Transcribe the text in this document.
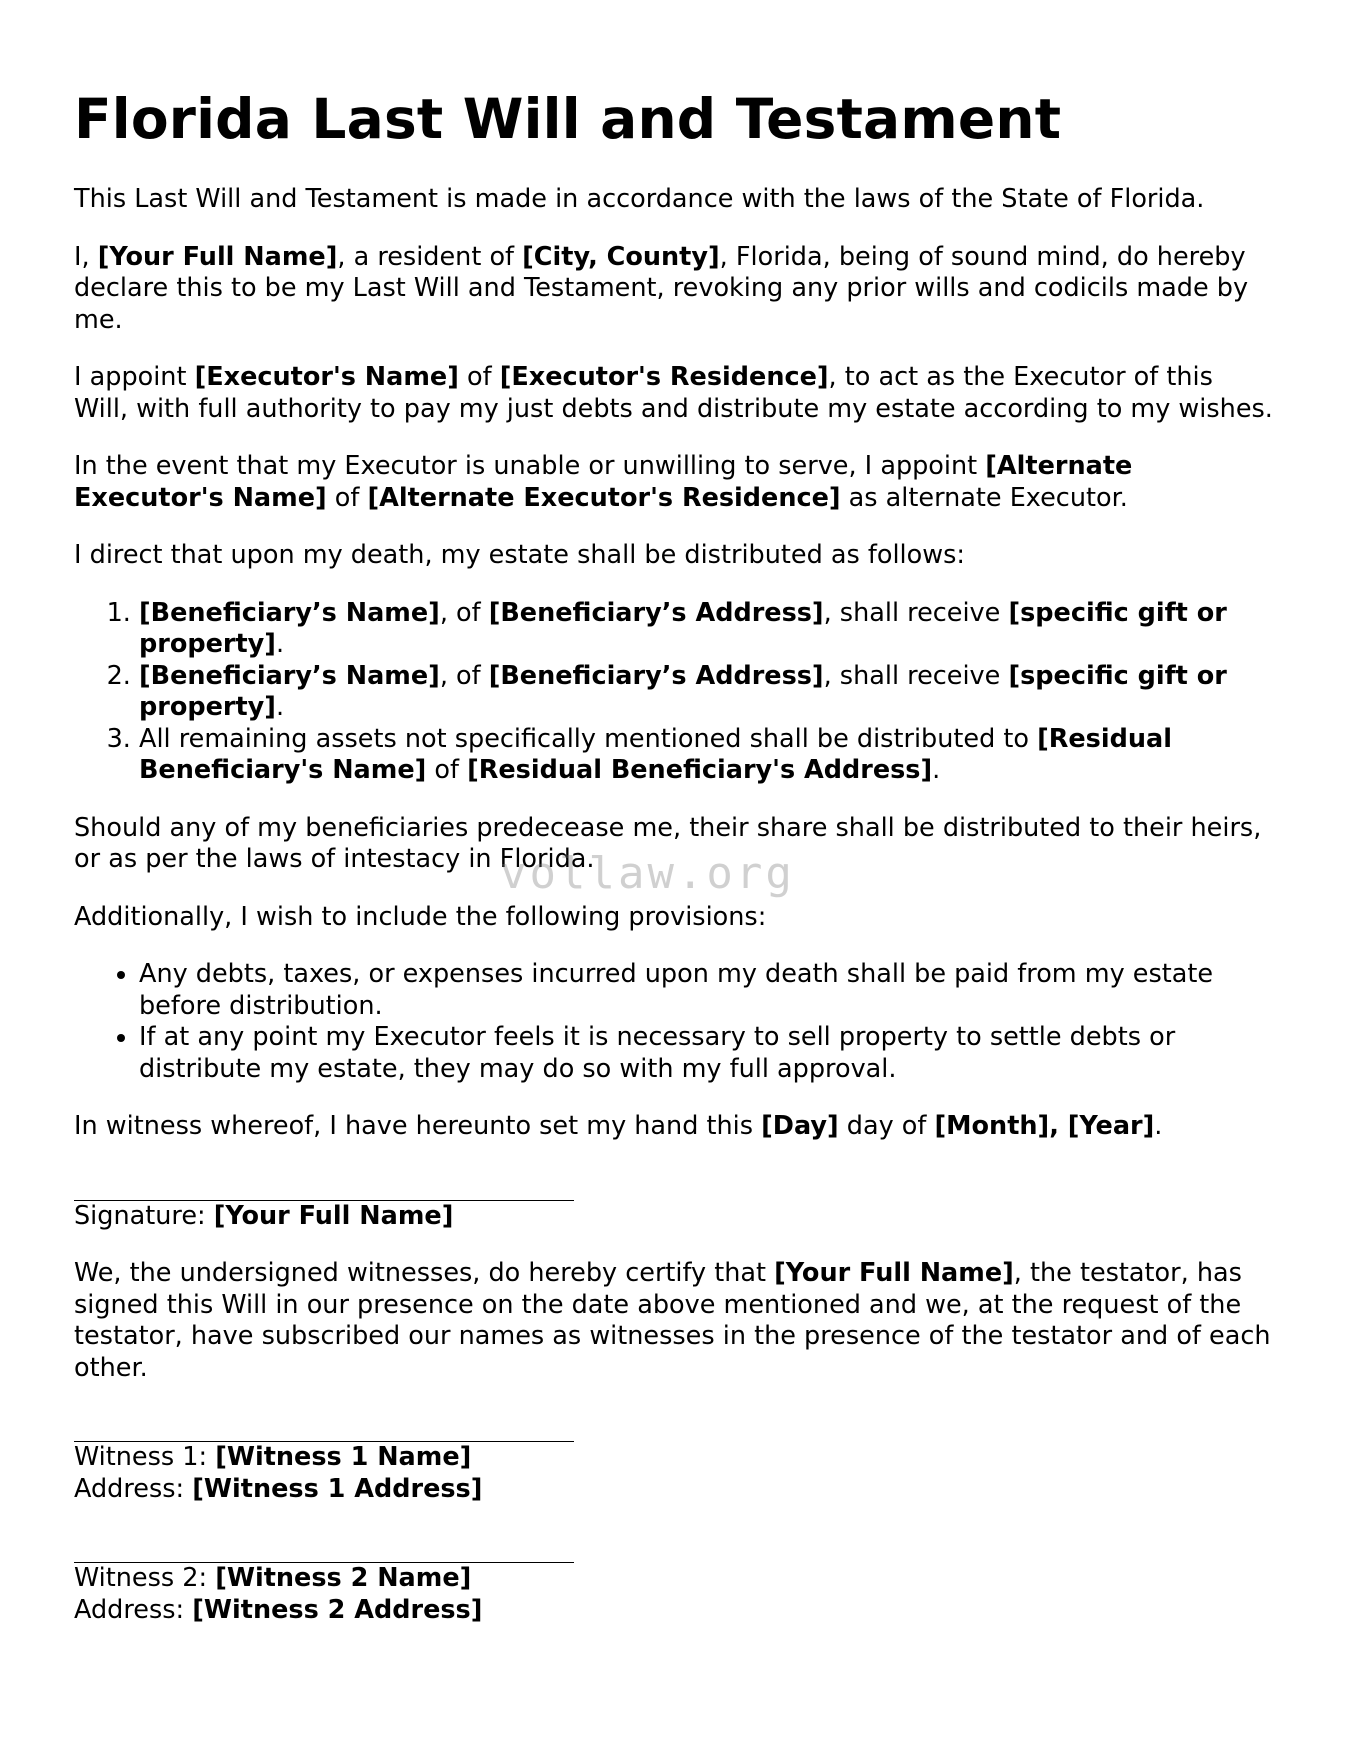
Florida Last Will and Testament

This Last Will and Testament is made in accordance with the laws of the State of Florida.

I, [Your Full Name], a resident of [City, County], Florida, being of sound mind, do hereby declare this to be my Last Will and Testament, revoking any prior wills and codicils made by me.

I appoint [Executor's Name] of [Executor's Residence], to act as the Executor of this Will, with full authority to pay my just debts and distribute my estate according to my wishes.

In the event that my Executor is unable or unwilling to serve, I appoint [Alternate Executor's Name] of [Alternate Executor's Residence] as alternate Executor.

I direct that upon my death, my estate shall be distributed as follows:

1. [Beneficiary’s Name], of [Beneficiary’s Address], shall receive [specific gift or property].
2. [Beneficiary’s Name], of [Beneficiary’s Address], shall receive [specific gift or property].
3. All remaining assets not specifically mentioned shall be distributed to [Residual Beneficiary's Name] of [Residual Beneficiary's Address].

Should any of my beneficiaries predecease me, their share shall be distributed to their heirs, or as per the laws of intestacy in Florida.

Additionally, I wish to include the following provisions:

• Any debts, taxes, or expenses incurred upon my death shall be paid from my estate before distribution.
• If at any point my Executor feels it is necessary to sell property to settle debts or distribute my estate, they may do so with my full approval.

In witness whereof, I have hereunto set my hand this [Day] day of [Month], [Year].

Signature: [Your Full Name]

We, the undersigned witnesses, do hereby certify that [Your Full Name], the testator, has signed this Will in our presence on the date above mentioned and we, at the request of the testator, have subscribed our names as witnesses in the presence of the testator and of each other.

Witness 1: [Witness 1 Name]
Address: [Witness 1 Address]
Witness 2: [Witness 2 Name]
Address: [Witness 2 Address]
vollaw.org
